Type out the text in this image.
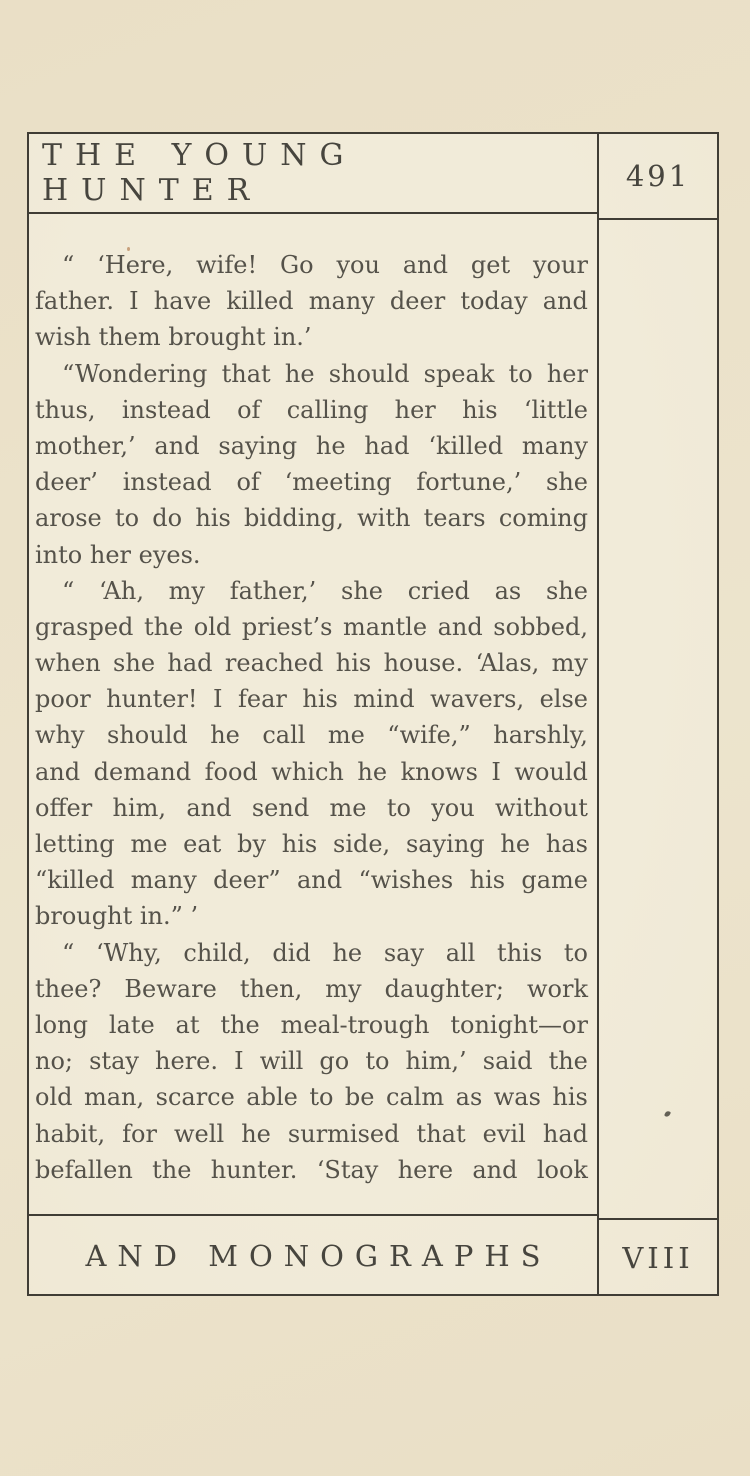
THE YOUNG HUNTER	491
“ ‘Here, wife! Go you and get your
father. I have killed many deer today and
wish them brought in.’
“Wondering that he should speak to her
thus, instead of calling her his ‘little
mother,’ and saying he had ‘killed many
deer’ instead of ‘meeting fortune,’ she
arose to do his bidding, with tears coming
into her eyes.
“ ‘Ah, my father,’ she cried as she
grasped the old priest’s mantle and sobbed,
when she had reached his house. ‘Alas, my
poor hunter! I fear his mind wavers, else
why should he call me “wife,” harshly,
and demand food which he knows I would
offer him, and send me to you without
letting me eat by his side, saying he has
“killed many deer” and “wishes his game
brought in.” ’
“ ‘Why, child, did he say all this to
thee? Beware then, my daughter; work
long late at the meal-trough tonight—or
no; stay here. I will go to him,’ said the
old man, scarce able to be calm as was his
habit, for well he surmised that evil had
befallen the hunter. ‘Stay here and look
AND MONOGRAPHS	VIII
